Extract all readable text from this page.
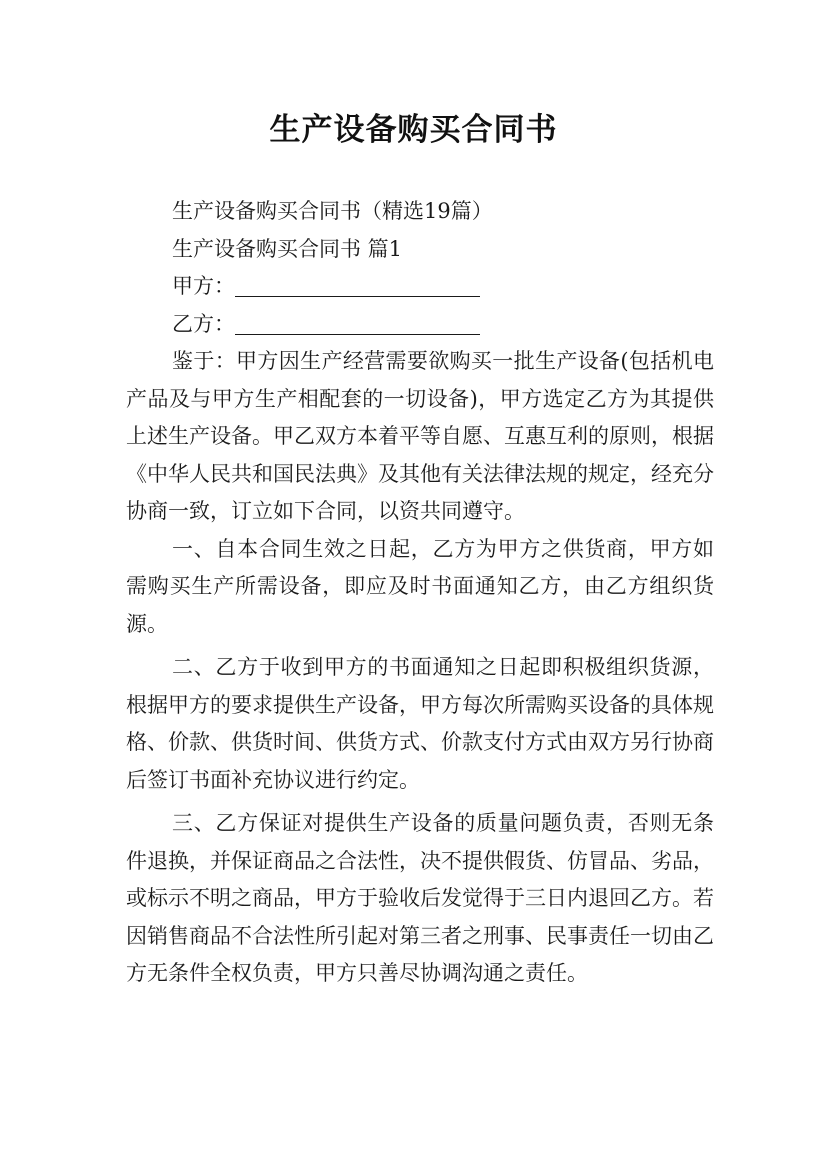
生产设备购买合同书

生产设备购买合同书（精选19篇）

生产设备购买合同书 篇1

甲方：

乙方：

鉴于：甲方因生产经营需要欲购买一批生产设备(包括机电产品及与甲方生产相配套的一切设备)，甲方选定乙方为其提供上述生产设备。甲乙双方本着平等自愿、互惠互利的原则，根据《中华人民共和国民法典》及其他有关法律法规的规定，经充分协商一致，订立如下合同，以资共同遵守。

一、自本合同生效之日起，乙方为甲方之供货商，甲方如需购买生产所需设备，即应及时书面通知乙方，由乙方组织货源。

二、乙方于收到甲方的书面通知之日起即积极组织货源，根据甲方的要求提供生产设备，甲方每次所需购买设备的具体规格、价款、供货时间、供货方式、价款支付方式由双方另行协商后签订书面补充协议进行约定。

三、乙方保证对提供生产设备的质量问题负责，否则无条件退换，并保证商品之合法性，决不提供假货、仿冒品、劣品，或标示不明之商品，甲方于验收后发觉得于三日内退回乙方。若因销售商品不合法性所引起对第三者之刑事、民事责任一切由乙方无条件全权负责，甲方只善尽协调沟通之责任。
